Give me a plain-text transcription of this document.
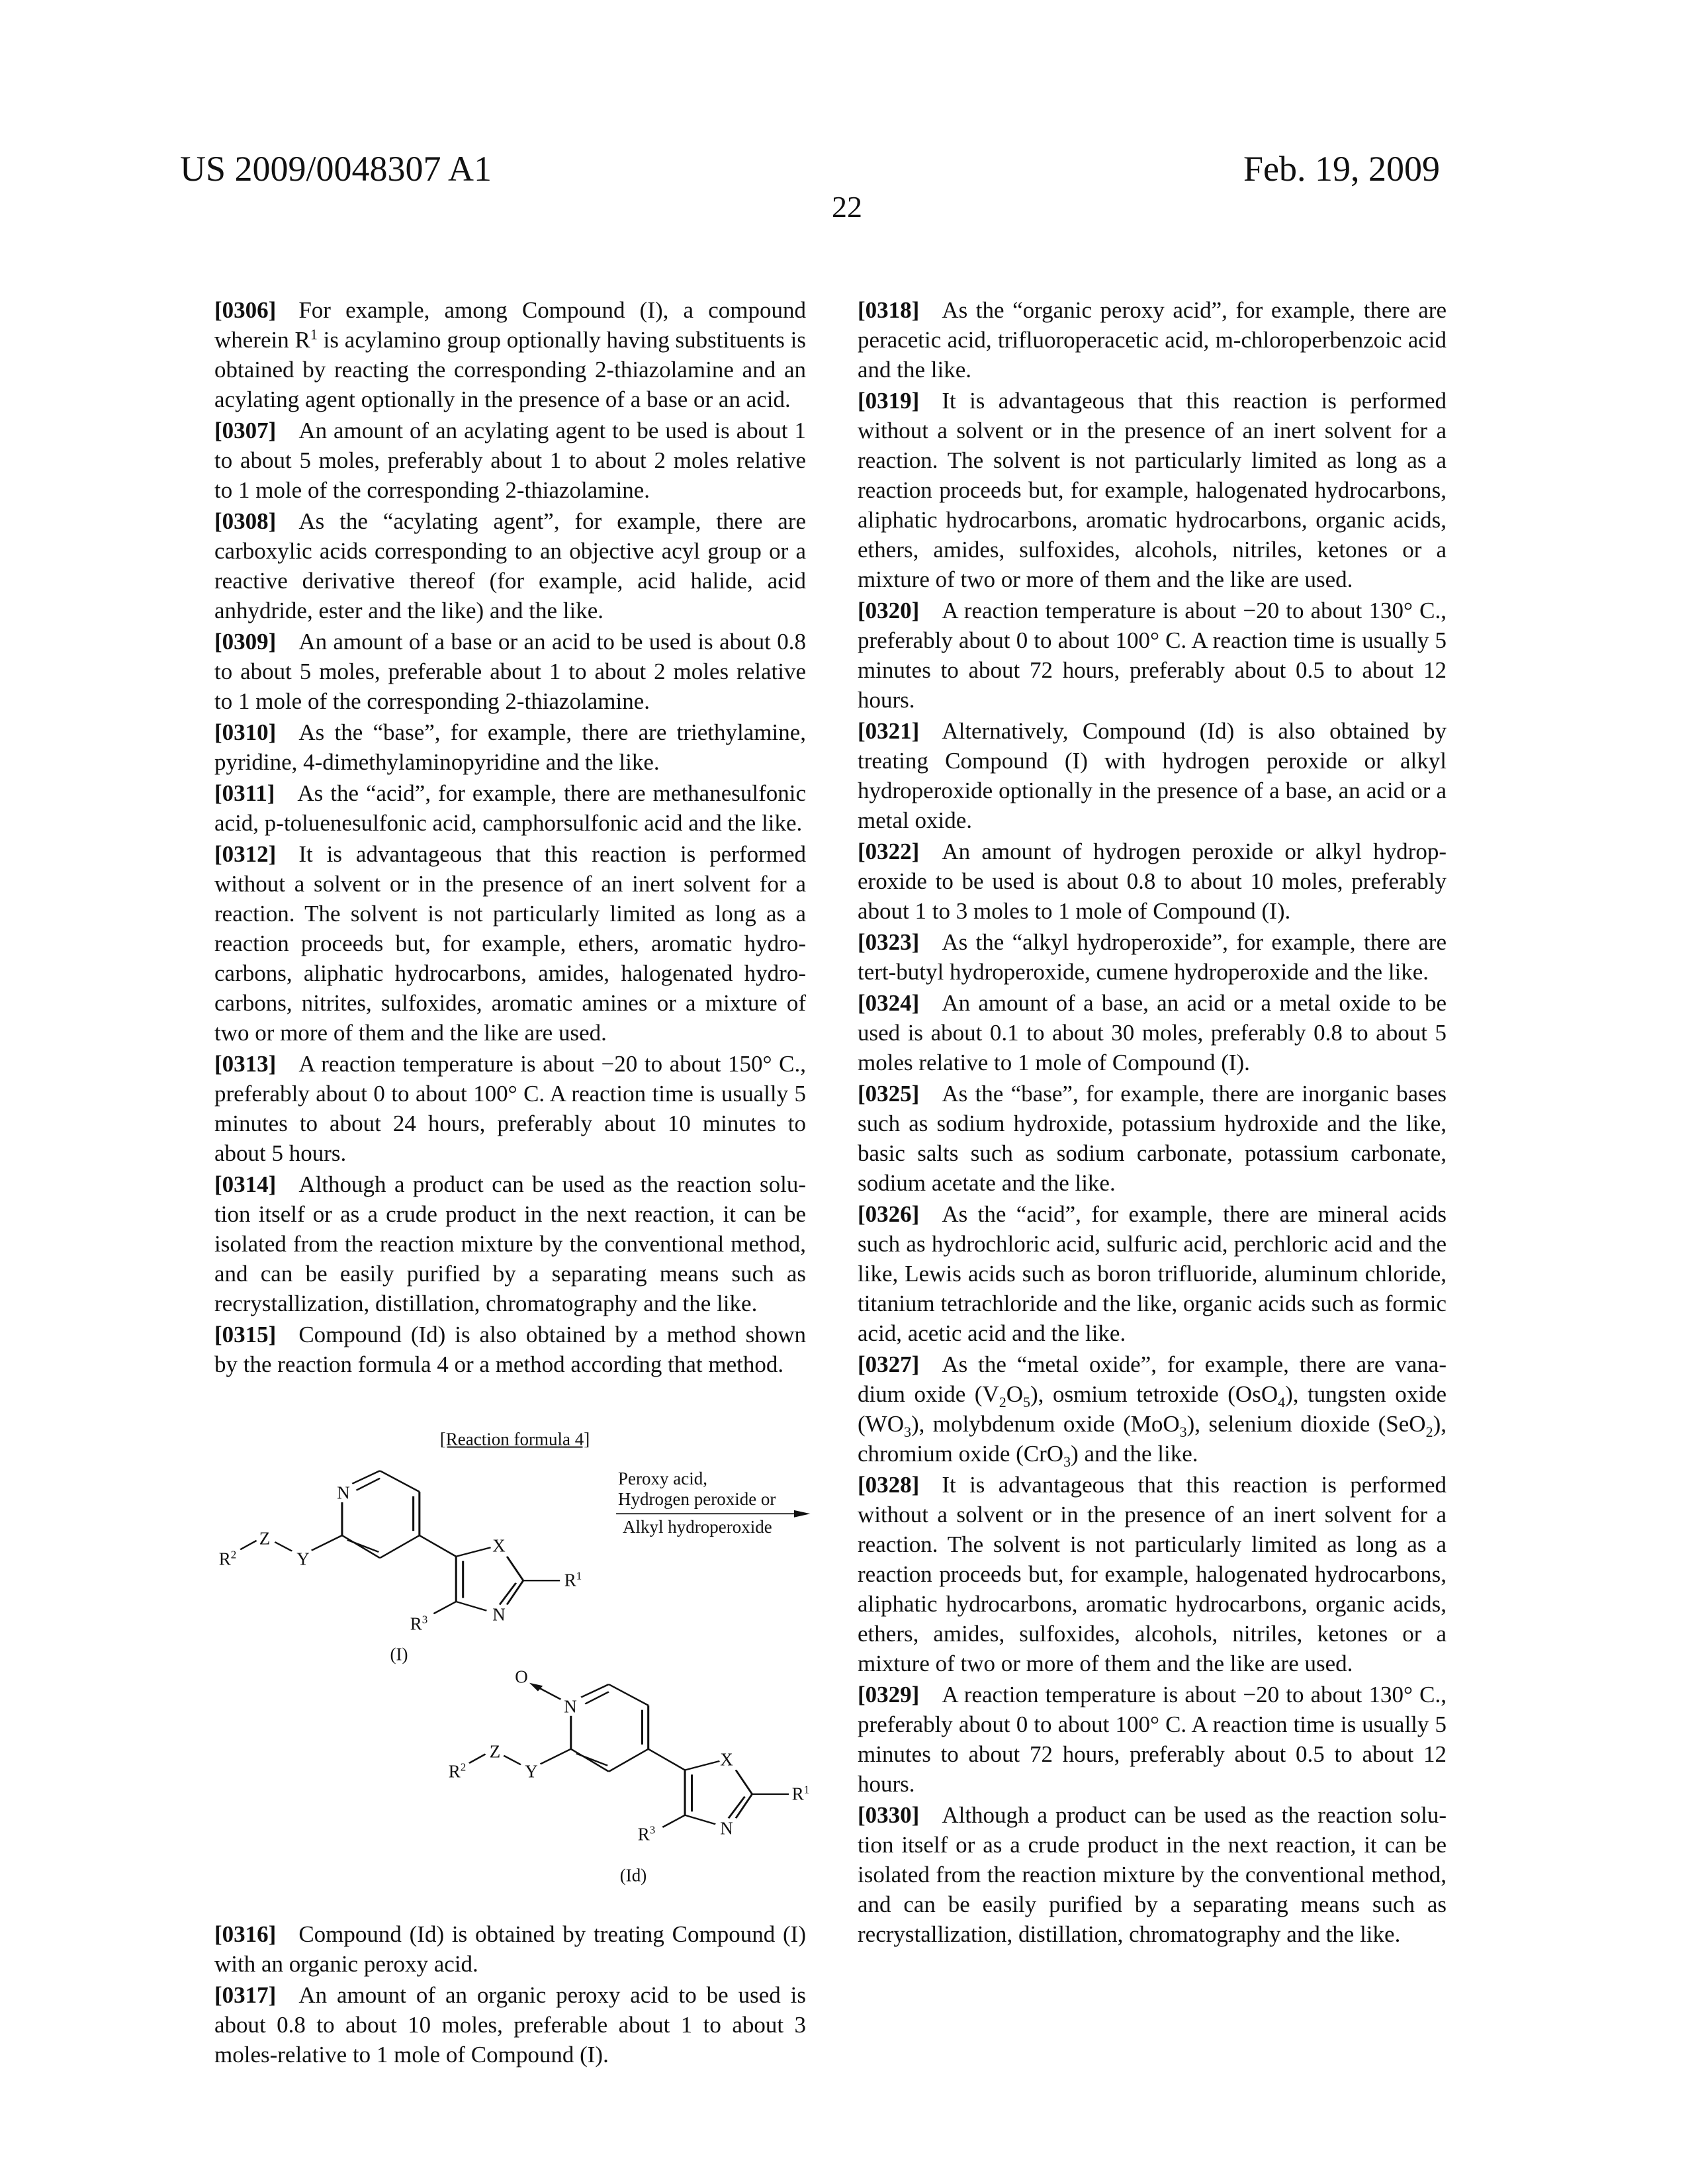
US 2009/0048307 A1	Feb. 19, 2009
22
[0306] For example, among Compound (I), a compound wherein R1 is acylamino group optionally having substituents is obtained by reacting the corresponding 2-thiazolamine and an acylating agent optionally in the presence of a base or an acid.
[0307] An amount of an acylating agent to be used is about 1 to about 5 moles, preferably about 1 to about 2 moles relative to 1 mole of the corresponding 2-thiazolamine.
[0308] As the “acylating agent”, for example, there are carboxylic acids corresponding to an objective acyl group or a reactive derivative thereof (for example, acid halide, acid anhydride, ester and the like) and the like.
[0309] An amount of a base or an acid to be used is about 0.8 to about 5 moles, preferable about 1 to about 2 moles relative to 1 mole of the corresponding 2-thiazolamine.
[0310] As the “base”, for example, there are triethylamine, pyridine, 4-dimethylaminopyridine and the like.
[0311] As the “acid”, for example, there are methane­sulfonic acid, p-toluenesulfonic acid, camphorsulfonic acid and the like.
[0312] It is advantageous that this reaction is performed without a solvent or in the presence of an inert solvent for a reaction. The solvent is not particularly limited as long as a reaction proceeds but, for example, ethers, aromatic hydro­carbons, aliphatic hydrocarbons, amides, halogenated hydro­carbons, nitrites, sulfoxides, aromatic amines or a mixture of two or more of them and the like are used.
[0313] A reaction temperature is about −20 to about 150° C., preferably about 0 to about 100° C. A reaction time is usually 5 minutes to about 24 hours, preferably about 10 minutes to about 5 hours.
[0314] Although a product can be used as the reaction solu­tion itself or as a crude product in the next reaction, it can be isolated from the reaction mixture by the conventional method, and can be easily purified by a separating means such as recrystallization, distillation, chromatography and the like.
[0315] Compound (Id) is also obtained by a method shown by the reaction formula 4 or a method according that method.
[0316] Compound (Id) is obtained by treating Compound (I) with an organic peroxy acid.
[0317] An amount of an organic peroxy acid to be used is about 0.8 to about 10 moles, preferable about 1 to about 3 moles-relative to 1 mole of Compound (I).
[0318] As the “organic peroxy acid”, for example, there are peracetic acid, trifluoroperacetic acid, m-chloroperbenzoic acid and the like.
[0319] It is advantageous that this reaction is performed without a solvent or in the presence of an inert solvent for a reaction. The solvent is not particularly limited as long as a reaction proceeds but, for example, halogenated hydrocar­bons, aliphatic hydrocarbons, aromatic hydrocarbons, organic acids, ethers, amides, sulfoxides, alcohols, nitriles, ketones or a mixture of two or more of them and the like are used.
[0320] A reaction temperature is about −20 to about 130° C., preferably about 0 to about 100° C. A reaction time is usually 5 minutes to about 72 hours, preferably about 0.5 to about 12 hours.
[0321] Alternatively, Compound (Id) is also obtained by treating Compound (I) with hydrogen peroxide or alkyl hydroperoxide optionally in the presence of a base, an acid or a metal oxide.
[0322] An amount of hydrogen peroxide or alkyl hydrop­eroxide to be used is about 0.8 to about 10 moles, preferably about 1 to 3 moles to 1 mole of Compound (I).
[0323] As the “alkyl hydroperoxide”, for example, there are tert-butyl hydroperoxide, cumene hydroperoxide and the like.
[0324] An amount of a base, an acid or a metal oxide to be used is about 0.1 to about 30 moles, preferably 0.8 to about 5 moles relative to 1 mole of Compound (I).
[0325] As the “base”, for example, there are inorganic bases such as sodium hydroxide, potassium hydroxide and the like, basic salts such as sodium carbonate, potassium carbonate, sodium acetate and the like.
[0326] As the “acid”, for example, there are mineral acids such as hydrochloric acid, sulfuric acid, perchloric acid and the like, Lewis acids such as boron trifluoride, aluminum chloride, titanium tetrachloride and the like, organic acids such as formic acid, acetic acid and the like.
[0327] As the “metal oxide”, for example, there are vana­dium oxide (V2O5), osmium tetroxide (OsO4), tungsten oxide (WO3), molybdenum oxide (MoO3), selenium dioxide (SeO2), chromium oxide (CrO3) and the like.
[0328] It is advantageous that this reaction is performed without a solvent or in the presence of an inert solvent for a reaction. The solvent is not particularly limited as long as a reaction proceeds but, for example, halogenated hydrocar­bons, aliphatic hydrocarbons, aromatic hydrocarbons, organic acids, ethers, amides, sulfoxides, alcohols, nitriles, ketones or a mixture of two or more of them and the like are used.
[0329] A reaction temperature is about −20 to about 130° C., preferably about 0 to about 100° C. A reaction time is usually 5 minutes to about 72 hours, preferably about 0.5 to about 12 hours.
[0330] Although a product can be used as the reaction solu­tion itself or as a crude product in the next reaction, it can be isolated from the reaction mixture by the conventional method, and can be easily purified by a separating means such as recrystallization, distillation, chromatography and the like.
[Reaction formula 4]
Peroxy acid,
Hydrogen peroxide or
Alkyl hydroperoxide
N
X
R1
N
R3
R2
Z
Y
(I)
O
N
Z
R2	Y
X
R1
N
R3
(Id)
